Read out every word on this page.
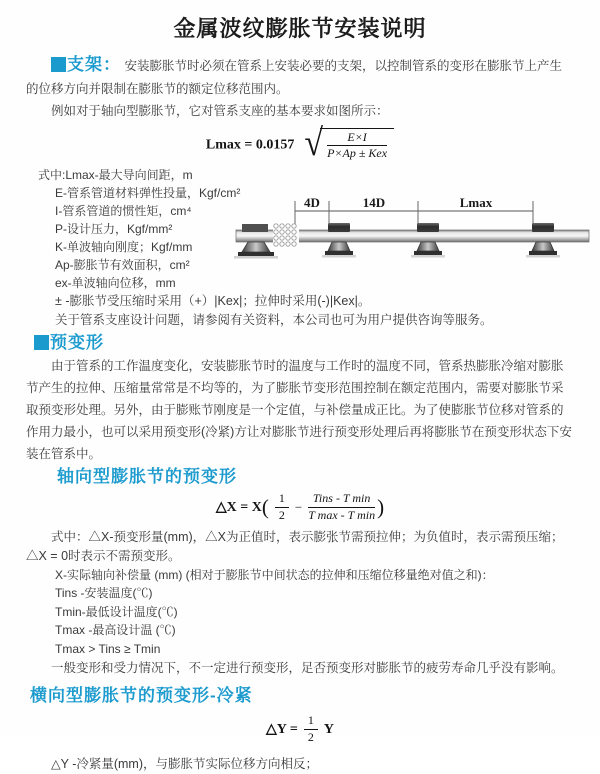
金属波纹膨胀节安装说明

支架： 安装膨胀节时必须在管系上安装必要的支架，以控制管系的变形在膨胀节上产生的位移方向并限制在膨胀节的额定位移范围内。

例如对于轴向型膨胀节，它对管系支座的基本要求如图所示：

Lmax = 0.0157 √ $\frac{E\times I}{\text{P×Ap ± Kex}}$
式中:Lmax-最大导向间距，m
E-管系管道材料弹性投量，Kgf/cm²
I-管系管道的惯性矩，cm⁴
P-设计压力，Kgf/mm²
K-单波轴向刚度；Kgf/mm
Ap-膨胀节有效面积，cm²
ex-单波轴向位移，mm
± -膨胀节受压缩时采用（+）|Kex|；拉伸时采用(-)|Kex|。
关于管系支座设计问题，请参阅有关资料，本公司也可为用户提供咨询等服务。
4D	14D	Lmax
预变形

由于管系的工作温度变化，安装膨胀节时的温度与工作时的温度不同，管系热膨胀冷缩对膨胀节产生的拉伸、压缩量常常是不均等的，为了膨胀节变形范围控制在额定范围内，需要对膨胀节采取预变形处理。另外，由于膨账节刚度是一个定值，与补偿量成正比。为了使膨胀节位移对管系的作用力最小，也可以采用预变形(冷紧)方让对膨胀节进行预变形处理后再将膨胀节在预变形状态下安装在管系中。

轴向型膨胀节的预变形
△X = $X( \frac{1}{2} - \frac{\text{Tins - T min}}{\text{T max - T min}}$ )

式中：△X-预变形量(mm)，△X为正值时，表示膨张节需预拉伸；为负值时，表示需预压缩；△X = 0时表示不需预变形。

X-实际轴向补偿量 (mm) (相对于膨胀节中间状态的拉伸和压缩位移量绝对值之和)：
Tins -安装温度(℃)
Tmin-最低设计温度(℃)
Tmax -最高设计温 (℃)
Tmax > Tins ≥ Tmin

一般变形和受力情况下，不一定进行预变形，足否预变形对膨胀节的疲劳寿命几乎没有影响。

横向型膨胀节的预变形-冷紧
△Y = $\frac{1}{2}$ Y

△Y -冷紧量(mm)，与膨胀节实际位移方向相反；
